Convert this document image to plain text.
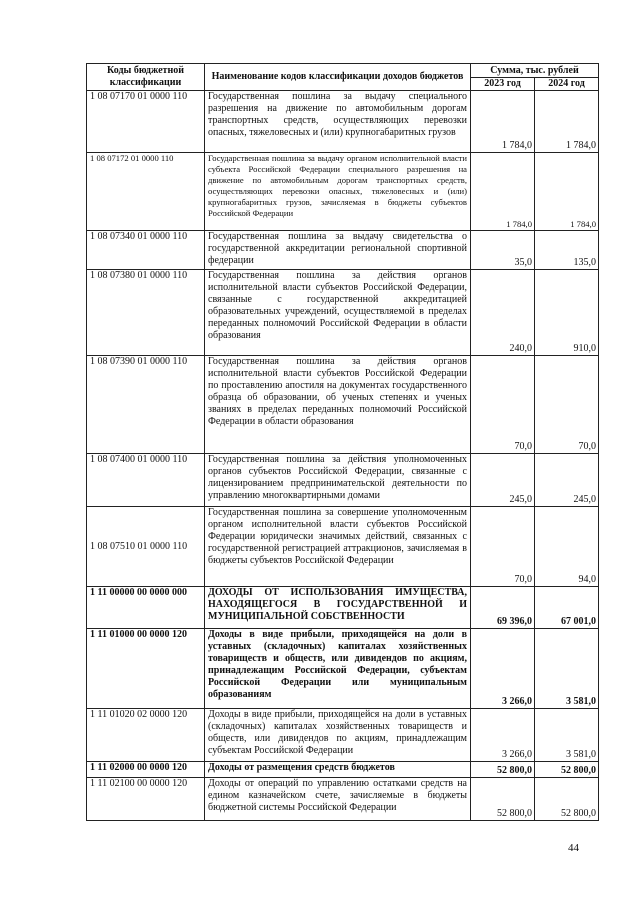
Коды бюджетной классификации	Наименование кодов классификации доходов бюджетов	Сумма, тыс. рублей	
		2023 год	2024 год
1 08 07170 01 0000 110	Государственная пошлина за выдачу специального разрешения на движение по автомобильным дорогам транспортных средств, осуществляющих перевозки опасных, тяжеловесных и (или) крупногабаритных грузов	1 784,0	1 784,0
1 08 07172 01 0000 110	Государственная пошлина за выдачу органом исполнительной власти субъекта Российской Федерации специального разрешения на движение по автомобильным дорогам транспортных средств, осуществляющих перевозки опасных, тяжеловесных и (или) крупногабаритных грузов, зачисляемая в бюджеты субъектов Российской Федерации	1 784,0	1 784,0
1 08 07340 01 0000 110	Государственная пошлина за выдачу свидетельства о государственной аккредитации региональной спортивной федерации	35,0	135,0
1 08 07380 01 0000 110	Государственная пошлина за действия органов исполнительной власти субъектов Российской Федерации, связанные с государственной аккредитацией образовательных учреждений, осуществляемой в пределах переданных полномочий Российской Федерации в области образования	240,0	910,0
1 08 07390 01 0000 110	Государственная пошлина за действия органов исполнительной власти субъектов Российской Федерации по проставлению апостиля на документах государственного образца об образовании, об ученых степенях и ученых званиях в пределах переданных полномочий Российской Федерации в области образования	70,0	70,0
1 08 07400 01 0000 110	Государственная пошлина за действия уполномоченных органов субъектов Российской Федерации, связанные с лицензированием предпринимательской деятельности по управлению многоквартирными домами	245,0	245,0
1 08 07510 01 0000 110	Государственная пошлина за совершение уполномоченным органом исполнительной власти субъектов Российской Федерации юридически значимых действий, связанных с государственной регистрацией аттракционов, зачисляемая в бюджеты субъектов Российской Федерации	70,0	94,0
1 11 00000 00 0000 000	ДОХОДЫ ОТ ИСПОЛЬЗОВАНИЯ ИМУЩЕСТВА, НАХОДЯЩЕГОСЯ В ГОСУДАРСТВЕННОЙ И МУНИЦИПАЛЬНОЙ СОБСТВЕННОСТИ	69 396,0	67 001,0
1 11 01000 00 0000 120	Доходы в виде прибыли, приходящейся на доли в уставных (складочных) капиталах хозяйственных товариществ и обществ, или дивидендов по акциям, принадлежащим Российской Федерации, субъектам Российской Федерации или муниципальным образованиям	3 266,0	3 581,0
1 11 01020 02 0000 120	Доходы в виде прибыли, приходящейся на доли в уставных (складочных) капиталах хозяйственных товариществ и обществ, или дивидендов по акциям, принадлежащим субъектам Российской Федерации	3 266,0	3 581,0
1 11 02000 00 0000 120	Доходы от размещения средств бюджетов	52 800,0	52 800,0
1 11 02100 00 0000 120	Доходы от операций по управлению остатками средств на едином казначейском счете, зачисляемые в бюджеты бюджетной системы Российской Федерации	52 800,0	52 800,0
44
